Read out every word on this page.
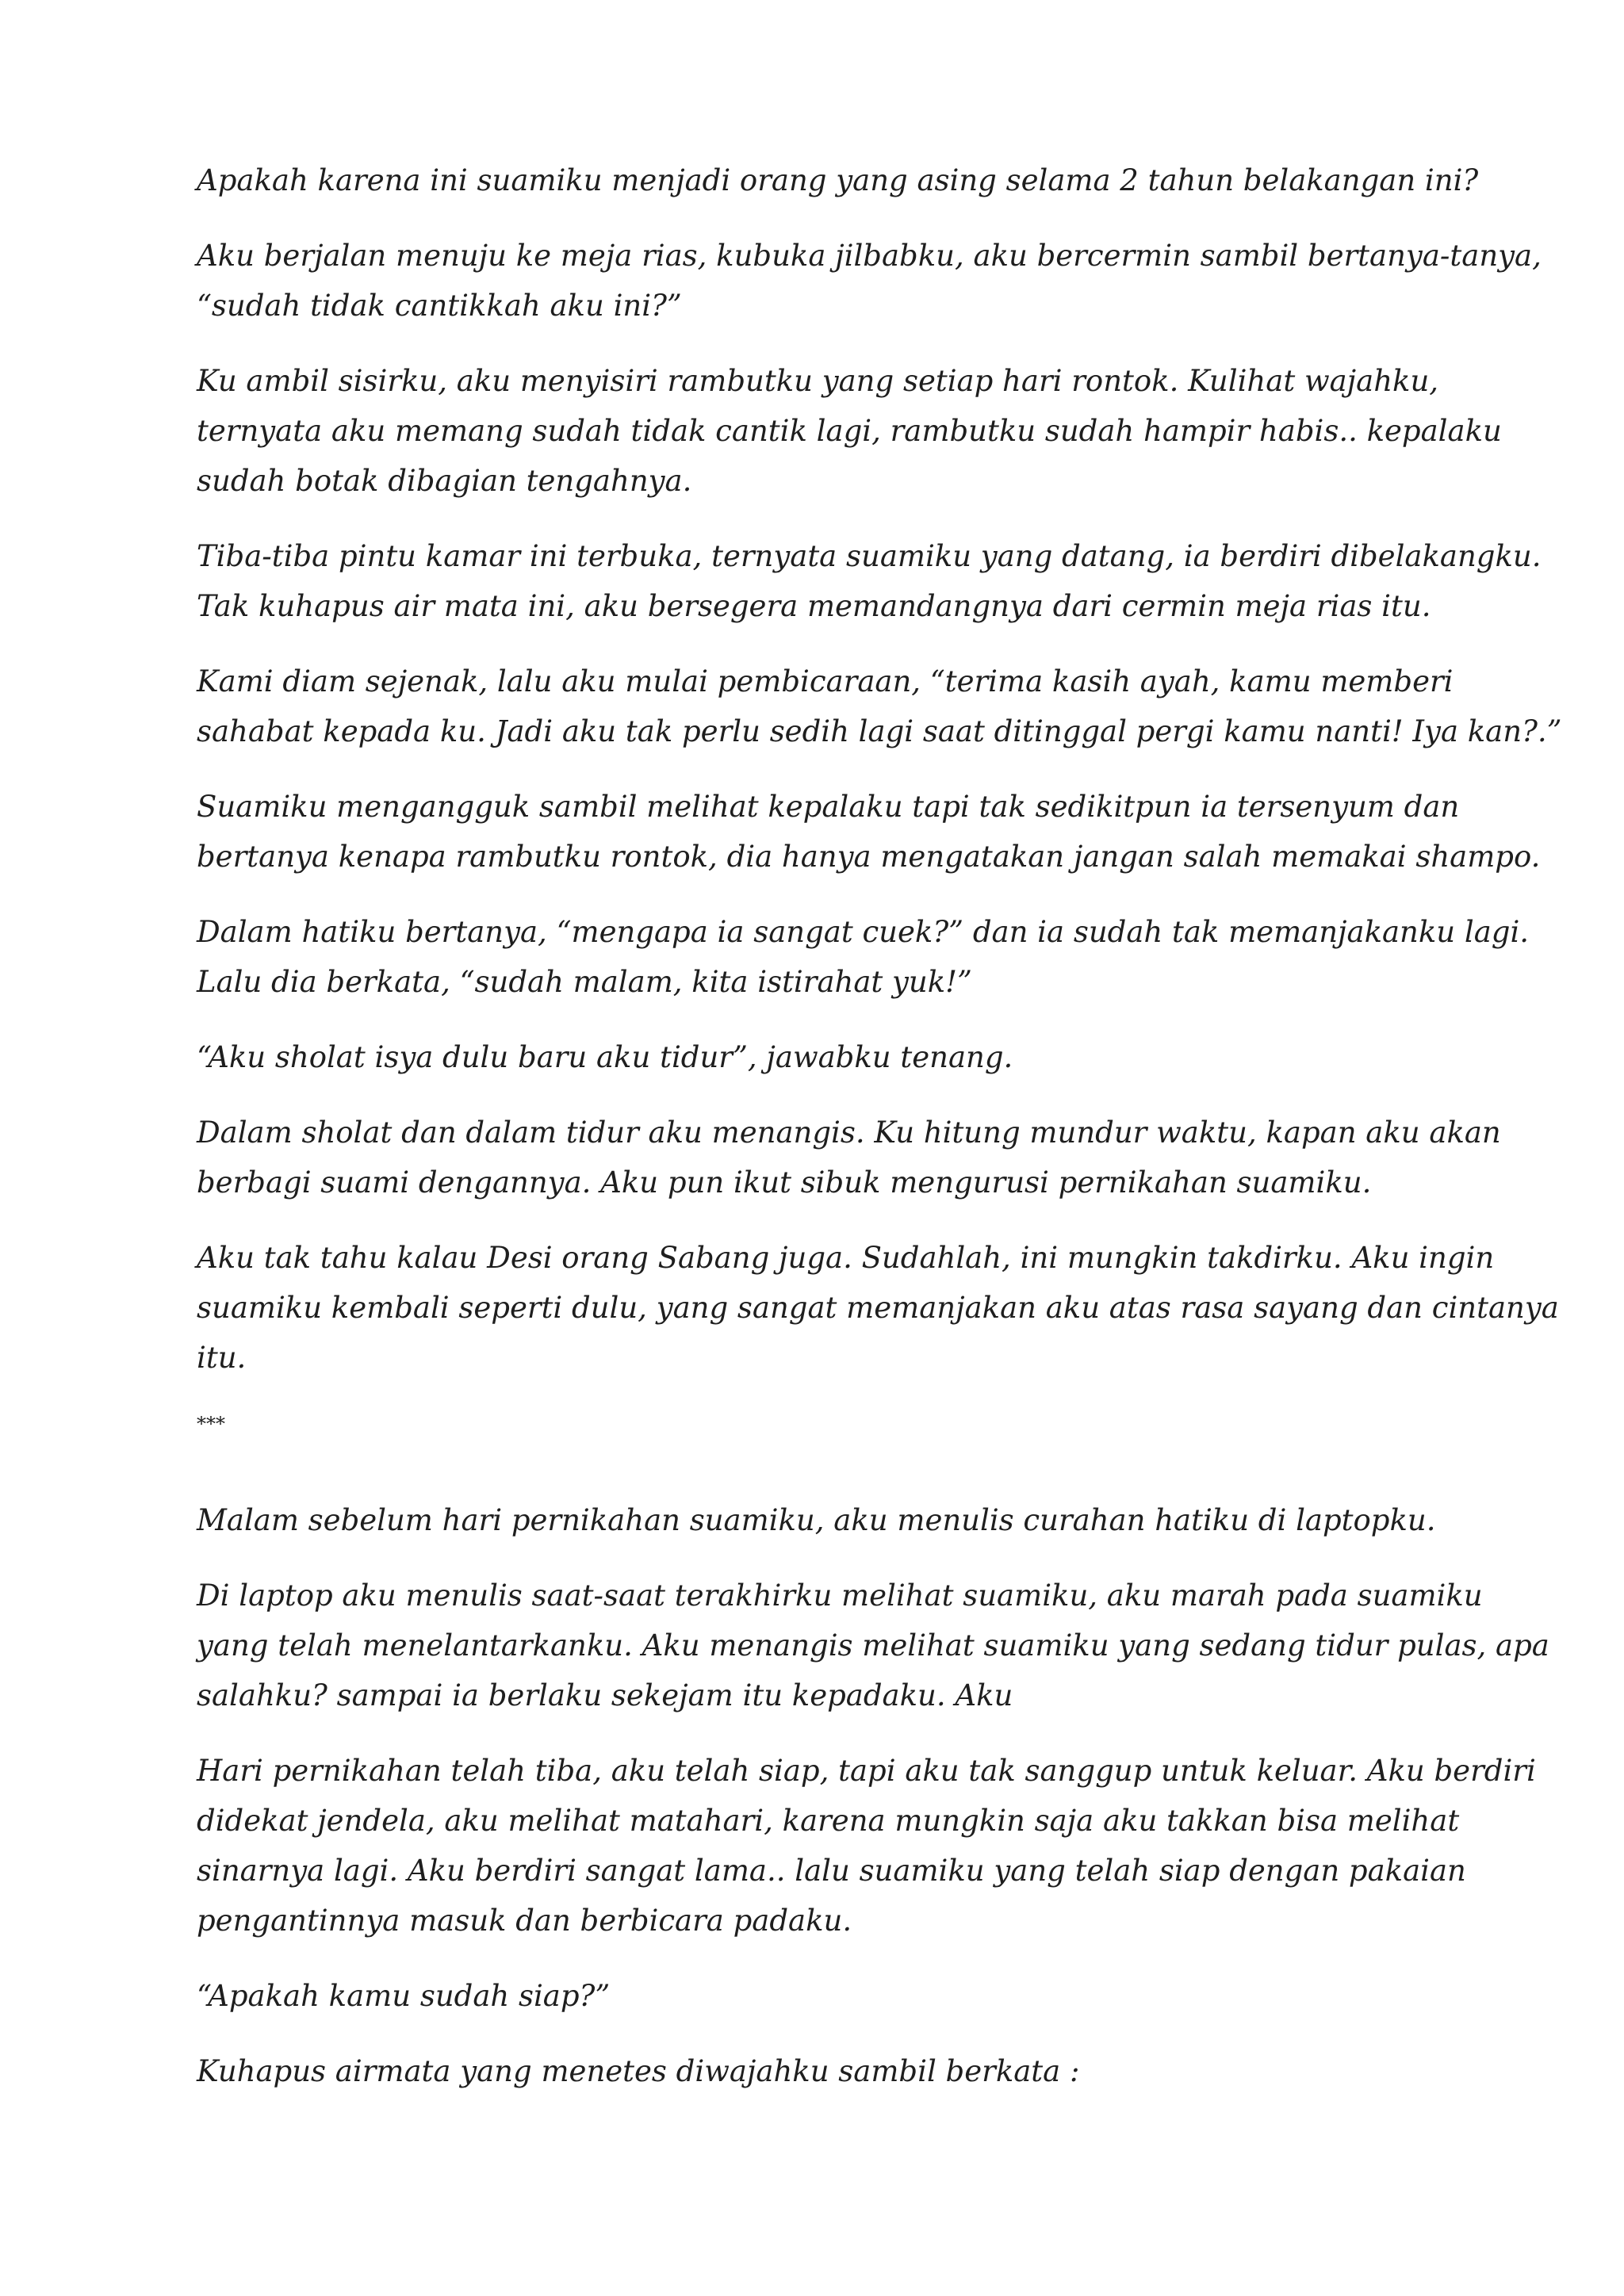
Apakah karena ini suamiku menjadi orang yang asing selama 2 tahun belakangan ini?
Aku berjalan menuju ke meja rias, kubuka jilbabku, aku bercermin sambil bertanya-tanya,
“sudah tidak cantikkah aku ini?”
Ku ambil sisirku, aku menyisiri rambutku yang setiap hari rontok. Kulihat wajahku,
ternyata aku memang sudah tidak cantik lagi, rambutku sudah hampir habis.. kepalaku
sudah botak dibagian tengahnya.
Tiba-tiba pintu kamar ini terbuka, ternyata suamiku yang datang, ia berdiri dibelakangku.
Tak kuhapus air mata ini, aku bersegera memandangnya dari cermin meja rias itu.
Kami diam sejenak, lalu aku mulai pembicaraan, “terima kasih ayah, kamu memberi
sahabat kepada ku. Jadi aku tak perlu sedih lagi saat ditinggal pergi kamu nanti! Iya kan?.”
Suamiku mengangguk sambil melihat kepalaku tapi tak sedikitpun ia tersenyum dan
bertanya kenapa rambutku rontok, dia hanya mengatakan jangan salah memakai shampo.
Dalam hatiku bertanya, “mengapa ia sangat cuek?” dan ia sudah tak memanjakanku lagi.
Lalu dia berkata, “sudah malam, kita istirahat yuk!”
“Aku sholat isya dulu baru aku tidur”, jawabku tenang.
Dalam sholat dan dalam tidur aku menangis. Ku hitung mundur waktu, kapan aku akan
berbagi suami dengannya. Aku pun ikut sibuk mengurusi pernikahan suamiku.
Aku tak tahu kalau Desi orang Sabang juga. Sudahlah, ini mungkin takdirku. Aku ingin
suamiku kembali seperti dulu, yang sangat memanjakan aku atas rasa sayang dan cintanya
itu.
***
Malam sebelum hari pernikahan suamiku, aku menulis curahan hatiku di laptopku.
Di laptop aku menulis saat-saat terakhirku melihat suamiku, aku marah pada suamiku
yang telah menelantarkanku. Aku menangis melihat suamiku yang sedang tidur pulas, apa
salahku? sampai ia berlaku sekejam itu kepadaku. Aku
Hari pernikahan telah tiba, aku telah siap, tapi aku tak sanggup untuk keluar. Aku berdiri
didekat jendela, aku melihat matahari, karena mungkin saja aku takkan bisa melihat
sinarnya lagi. Aku berdiri sangat lama.. lalu suamiku yang telah siap dengan pakaian
pengantinnya masuk dan berbicara padaku.
“Apakah kamu sudah siap?”
Kuhapus airmata yang menetes diwajahku sambil berkata :
